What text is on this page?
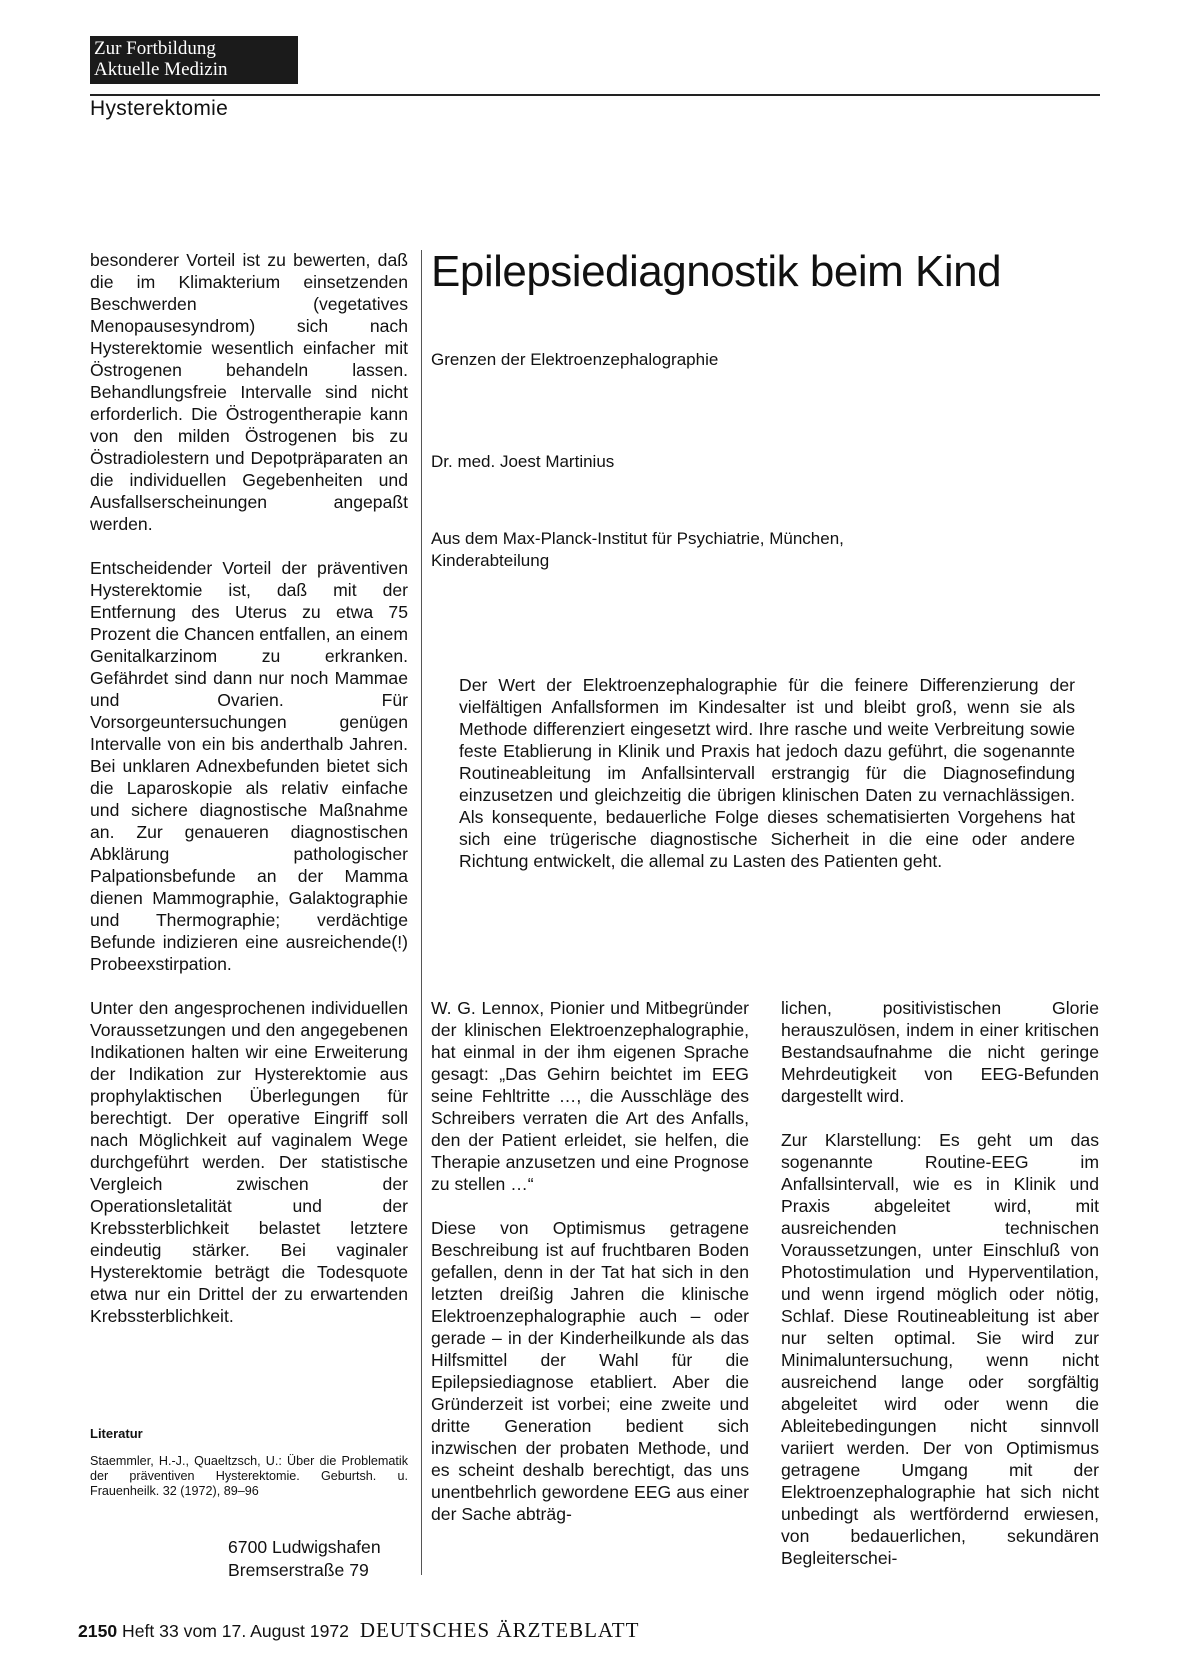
Zur Fortbildung
Aktuelle Medizin
Hysterektomie

besonderer Vorteil ist zu bewerten, daß die im Klimakterium einsetzenden Beschwerden (vegetatives Menopausesyndrom) sich nach Hysterektomie wesentlich einfacher mit Östrogenen behandeln lassen. Behandlungsfreie Intervalle sind nicht erforderlich. Die Östrogentherapie kann von den milden Östrogenen bis zu Östradiolestern und Depotpräparaten an die individuellen Gegebenheiten und Ausfallserscheinungen angepaßt werden.

Entscheidender Vorteil der präventiven Hysterektomie ist, daß mit der Entfernung des Uterus zu etwa 75 Prozent die Chancen entfallen, an einem Genitalkarzinom zu erkranken. Gefährdet sind dann nur noch Mammae und Ovarien. Für Vorsorgeuntersuchungen genügen Intervalle von ein bis anderthalb Jahren. Bei unklaren Adnexbefunden bietet sich die Laparoskopie als relativ einfache und sichere diagnostische Maßnahme an. Zur genaueren diagnostischen Abklärung pathologischer Palpationsbefunde an der Mamma dienen Mammographie, Galaktographie und Thermographie; verdächtige Befunde indizieren eine ausreichende(!) Probeexstirpation.

Unter den angesprochenen individuellen Voraussetzungen und den angegebenen Indikationen halten wir eine Erweiterung der Indikation zur Hysterektomie aus prophylaktischen Überlegungen für berechtigt. Der operative Eingriff soll nach Möglichkeit auf vaginalem Wege durchgeführt werden. Der statistische Vergleich zwischen der Operationsletalität und der Krebssterblichkeit belastet letztere eindeutig stärker. Bei vaginaler Hysterektomie beträgt die Todesquote etwa nur ein Drittel der zu erwartenden Krebssterblichkeit.

Literatur
Staemmler, H.-J., Quaeltzsch, U.: Über die Problematik der präventiven Hysterektomie. Geburtsh. u. Frauenheilk. 32 (1972), 89–96
6700 Ludwigshafen
Bremserstraße 79
Epilepsiediagnostik beim Kind
Grenzen der Elektroenzephalographie
Dr. med. Joest Martinius
Aus dem Max-Planck-Institut für Psychiatrie, München,
Kinderabteilung

Der Wert der Elektroenzephalographie für die feinere Differenzierung der vielfältigen Anfallsformen im Kindesalter ist und bleibt groß, wenn sie als Methode differenziert eingesetzt wird. Ihre rasche und weite Verbreitung sowie feste Etablierung in Klinik und Praxis hat jedoch dazu geführt, die sogenannte Routineableitung im Anfallsintervall erstrangig für die Diagnosefindung einzusetzen und gleichzeitig die übrigen klinischen Daten zu vernachlässigen. Als konsequente, bedauerliche Folge dieses schematisierten Vorgehens hat sich eine trügerische diagnostische Sicherheit in die eine oder andere Richtung entwickelt, die allemal zu Lasten des Patienten geht.

W. G. Lennox, Pionier und Mitbegründer der klinischen Elektroenzephalographie, hat einmal in der ihm eigenen Sprache gesagt: „Das Gehirn beichtet im EEG seine Fehltritte …, die Ausschläge des Schreibers verraten die Art des Anfalls, den der Patient erleidet, sie helfen, die Therapie anzusetzen und eine Prognose zu stellen …“

Diese von Optimismus getragene Beschreibung ist auf fruchtbaren Boden gefallen, denn in der Tat hat sich in den letzten dreißig Jahren die klinische Elektroenzephalographie auch – oder gerade – in der Kinderheilkunde als das Hilfsmittel der Wahl für die Epilepsiediagnose etabliert. Aber die Gründerzeit ist vorbei; eine zweite und dritte Generation bedient sich inzwischen der probaten Methode, und es scheint deshalb berechtigt, das uns unentbehrlich gewordene EEG aus einer der Sache abträg-

lichen, positivistischen Glorie herauszulösen, indem in einer kritischen Bestandsaufnahme die nicht geringe Mehrdeutigkeit von EEG-Befunden dargestellt wird.

Zur Klarstellung: Es geht um das sogenannte Routine-EEG im Anfallsintervall, wie es in Klinik und Praxis abgeleitet wird, mit ausreichenden technischen Voraussetzungen, unter Einschluß von Photostimulation und Hyperventilation, und wenn irgend möglich oder nötig, Schlaf. Diese Routineableitung ist aber nur selten optimal. Sie wird zur Minimaluntersuchung, wenn nicht ausreichend lange oder sorgfältig abgeleitet wird oder wenn die Ableitebedingungen nicht sinnvoll variiert werden. Der von Optimismus getragene Umgang mit der Elektroenzephalographie hat sich nicht unbedingt als wertfördernd erwiesen, von bedauerlichen, sekundären Begleiterschei-

2150 Heft 33 vom 17. August 1972 DEUTSCHES ÄRZTEBLATT
